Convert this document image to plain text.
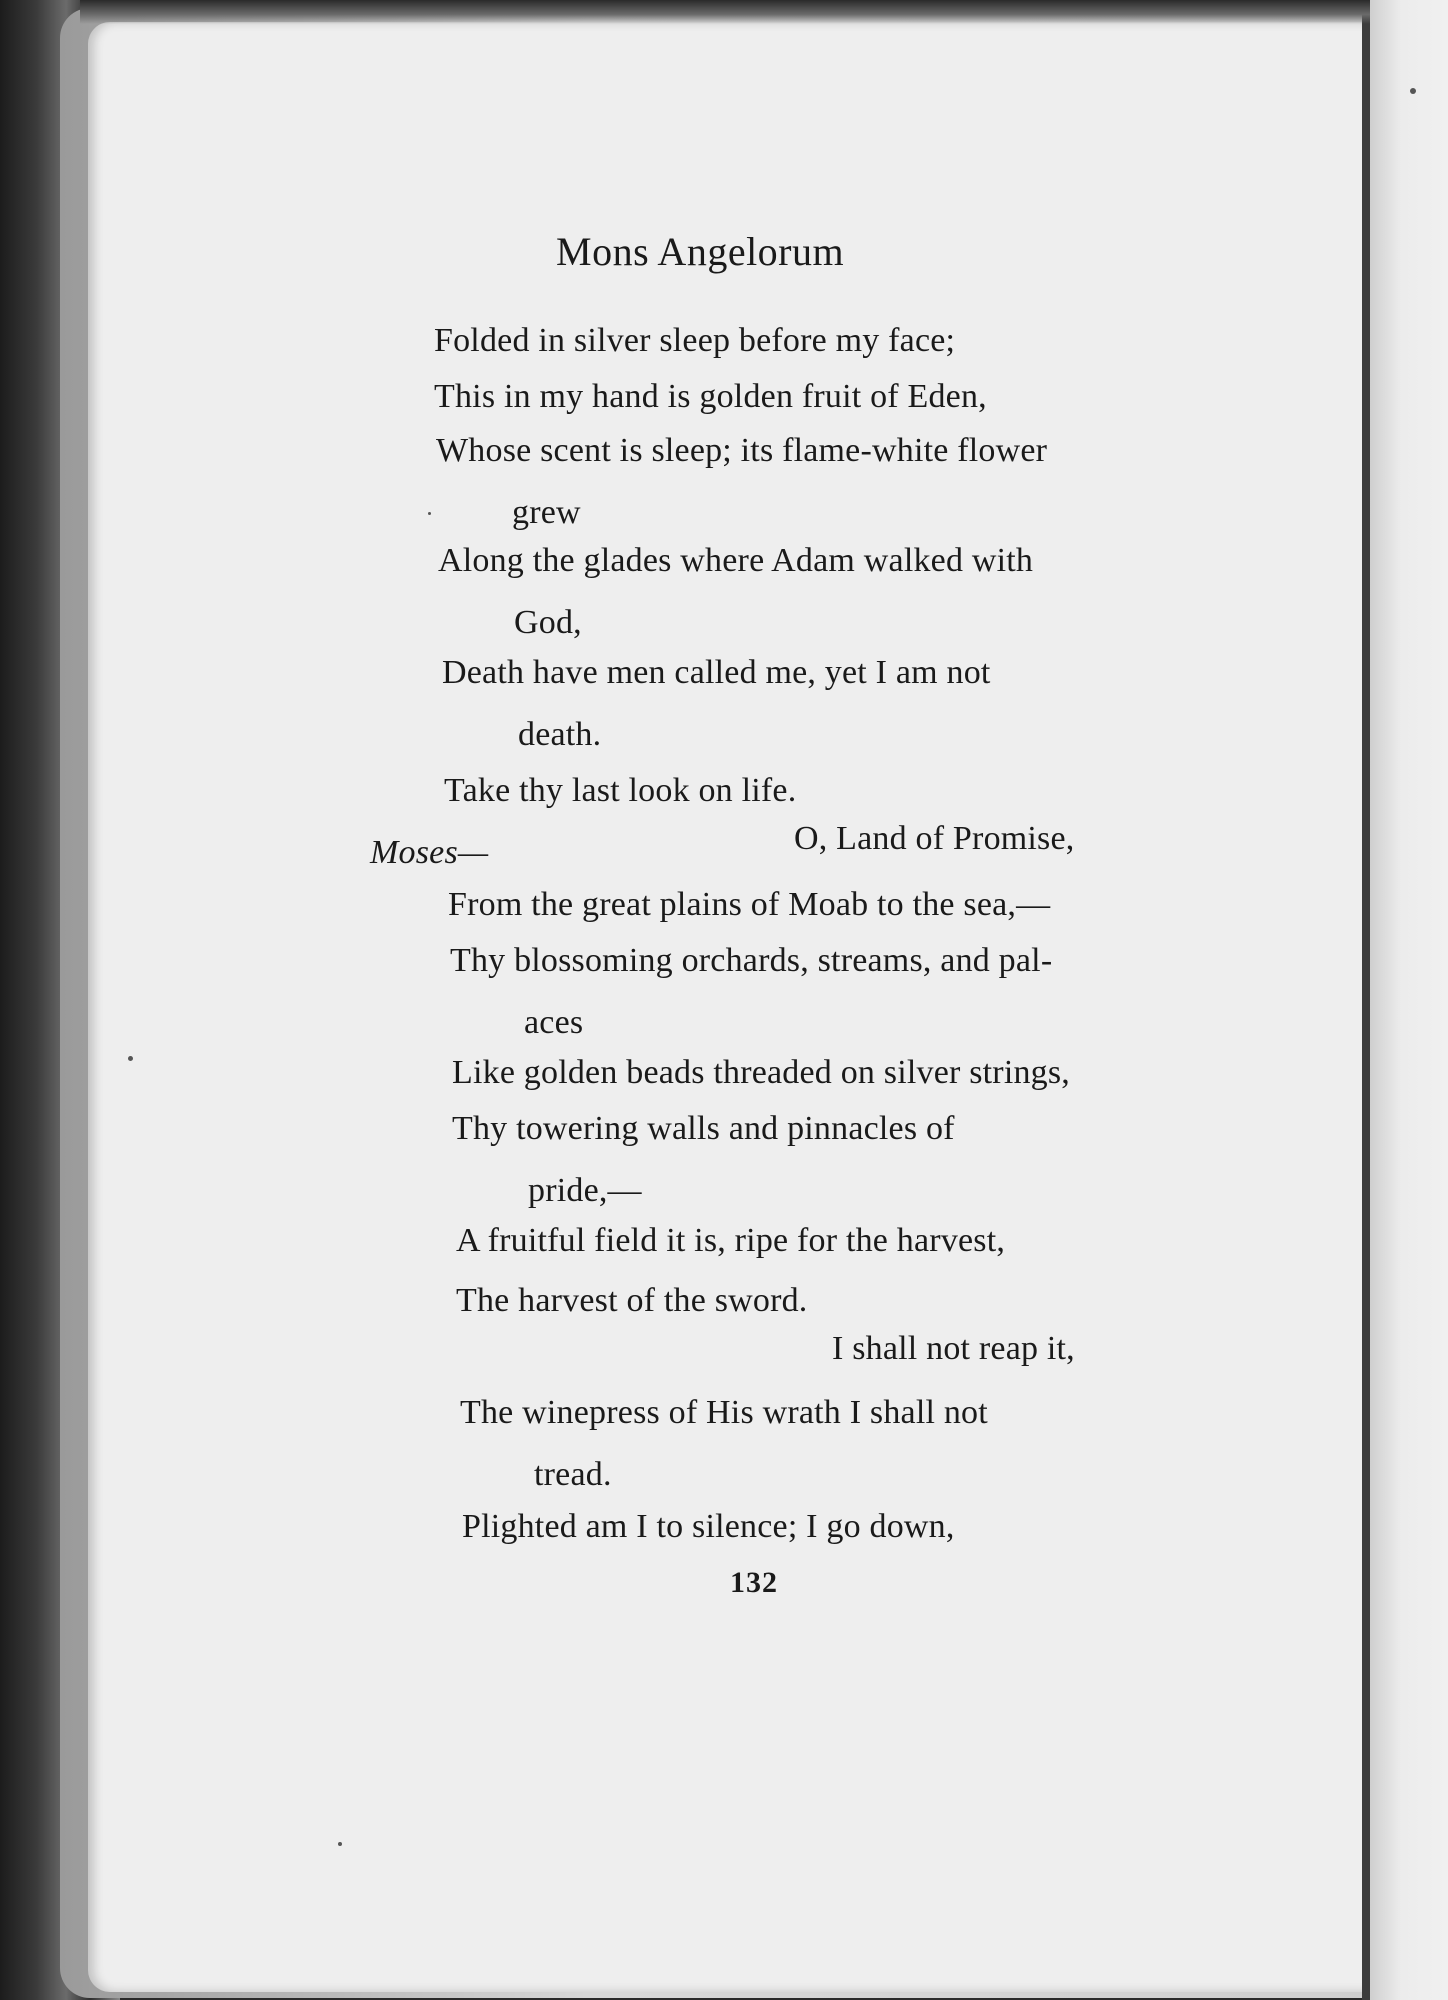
Mons Angelorum
Folded in silver sleep before my face;
This in my hand is golden fruit of Eden,
Whose scent is sleep; its flame-white flower
grew
Along the glades where Adam walked with
God,
Death have men called me, yet I am not
death.
Take thy last look on life.
Moses—	O, Land of Promise,
From the great plains of Moab to the sea,—
Thy blossoming orchards, streams, and pal-
aces
Like golden beads threaded on silver strings,
Thy towering walls and pinnacles of
pride,—
A fruitful field it is, ripe for the harvest,
The harvest of the sword.
I shall not reap it,
The winepress of His wrath I shall not
tread.
Plighted am I to silence; I go down,
132
